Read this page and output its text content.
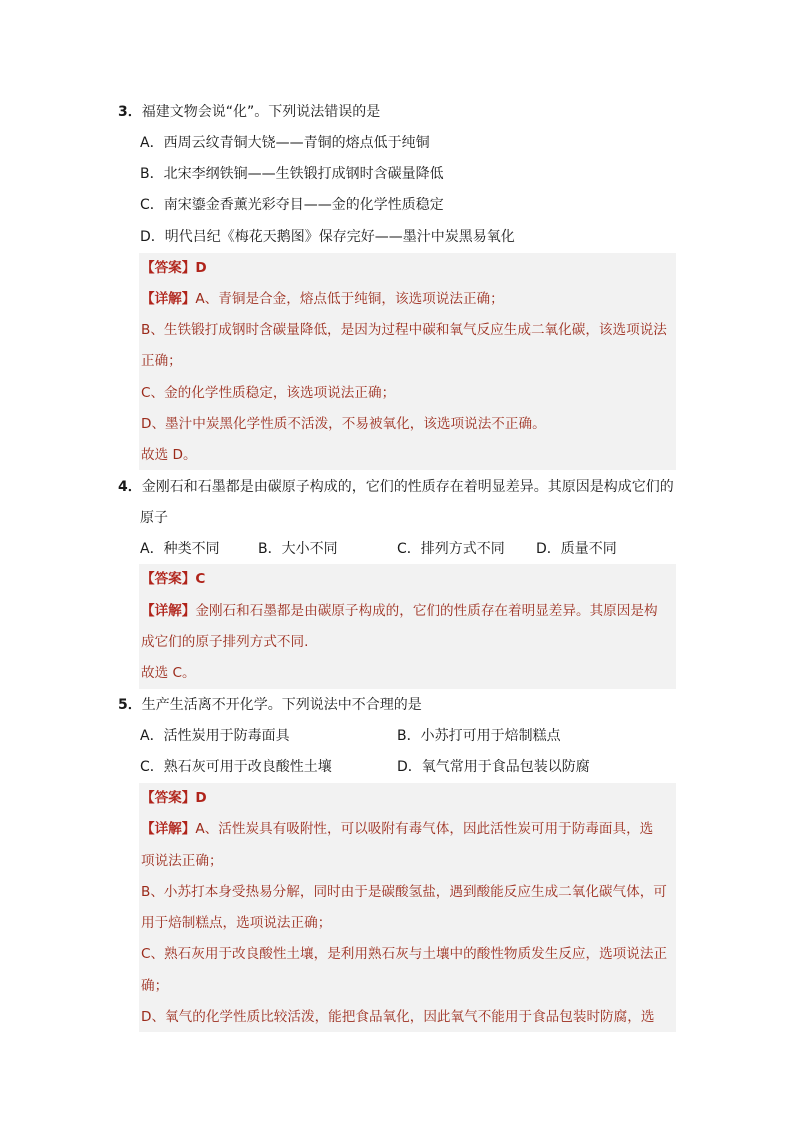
3．福建文物会说“化”。下列说法错误的是
A．西周云纹青铜大铙——青铜的熔点低于纯铜
B．北宋李纲铁锏——生铁锻打成钢时含碳量降低
C．南宋鎏金香薰光彩夺目——金的化学性质稳定
D．明代吕纪《梅花天鹅图》保存完好——墨汁中炭黑易氧化
【答案】D
【详解】A、青铜是合金，熔点低于纯铜，该选项说法正确；
B、生铁锻打成钢时含碳量降低，是因为过程中碳和氧气反应生成二氧化碳，该选项说法
正确；
C、金的化学性质稳定，该选项说法正确；
D、墨汁中炭黑化学性质不活泼，不易被氧化，该选项说法不正确。
故选 D。
4．金刚石和石墨都是由碳原子构成的，它们的性质存在着明显差异。其原因是构成它们的
原子
A．种类不同	B．大小不同	C．排列方式不同 D．质量不同
【答案】C
【详解】金刚石和石墨都是由碳原子构成的，它们的性质存在着明显差异。其原因是构
成它们的原子排列方式不同.
故选 C。
5．生产生活离不开化学。下列说法中不合理的是
A．活性炭用于防毒面具	B．小苏打可用于焙制糕点
C．熟石灰可用于改良酸性土壤	D．氧气常用于食品包装以防腐
【答案】D
【详解】A、活性炭具有吸附性，可以吸附有毒气体，因此活性炭可用于防毒面具，选
项说法正确；
B、小苏打本身受热易分解，同时由于是碳酸氢盐，遇到酸能反应生成二氧化碳气体，可
用于焙制糕点，选项说法正确；
C、熟石灰用于改良酸性土壤，是利用熟石灰与土壤中的酸性物质发生反应，选项说法正
确；
D、氧气的化学性质比较活泼，能把食品氧化，因此氧气不能用于食品包装时防腐，选
